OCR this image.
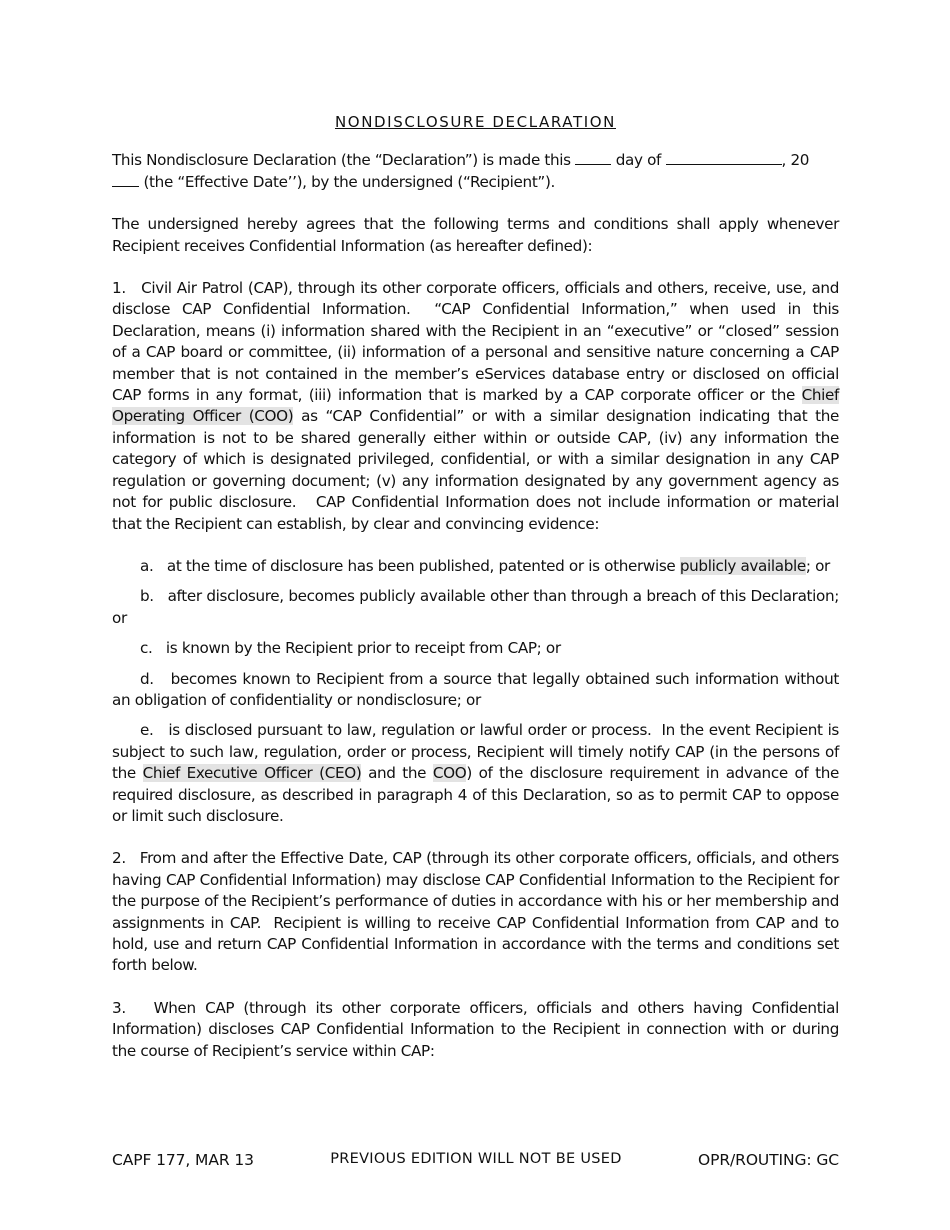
NONDISCLOSURE DECLARATION

This Nondisclosure Declaration (the “Declaration”) is made this	day of	, 20
(the “Effective Date’’), by the undersigned (“Recipient”).

The undersigned hereby agrees that the following terms and conditions shall apply whenever Recipient receives Confidential Information (as hereafter defined):

1.   Civil Air Patrol (CAP), through its other corporate officers, officials and others, receive, use, and disclose CAP Confidential Information.  “CAP Confidential Information,” when used in this Declaration, means (i) information shared with the Recipient in an “executive” or “closed” session of a CAP board or committee, (ii) information of a personal and sensitive nature concerning a CAP member that is not contained in the member’s eServices database entry or disclosed on official CAP forms in any format, (iii) information that is marked by a CAP corporate officer or the Chief Operating Officer (COO) as “CAP Confidential” or with a similar designation indicating that the information is not to be shared generally either within or outside CAP, (iv) any information the category of which is designated privileged, confidential, or with a similar designation in any CAP regulation or governing document; (v) any information designated by any government agency as not for public disclosure.   CAP Confidential Information does not include information or material that the Recipient can establish, by clear and convincing evidence:

a.   at the time of disclosure has been published, patented or is otherwise publicly available; or

b.   after disclosure, becomes publicly available other than through a breach of this Declaration; or

c.   is known by the Recipient prior to receipt from CAP; or

d.   becomes known to Recipient from a source that legally obtained such information without an obligation of confidentiality or nondisclosure; or

e.   is disclosed pursuant to law, regulation or lawful order or process.  In the event Recipient is subject to such law, regulation, order or process, Recipient will timely notify CAP (in the persons of the Chief Executive Officer (CEO) and the COO) of the disclosure requirement in advance of the required disclosure, as described in paragraph 4 of this Declaration, so as to permit CAP to oppose or limit such disclosure.

2.   From and after the Effective Date, CAP (through its other corporate officers, officials, and others having CAP Confidential Information) may disclose CAP Confidential Information to the Recipient for the purpose of the Recipient’s performance of duties in accordance with his or her membership and assignments in CAP.  Recipient is willing to receive CAP Confidential Information from CAP and to hold, use and return CAP Confidential Information in accordance with the terms and conditions set forth below.

3.   When CAP (through its other corporate officers, officials and others having Confidential Information) discloses CAP Confidential Information to the Recipient in connection with or during the course of Recipient’s service within CAP:

CAPF 177, MAR 13	PREVIOUS EDITION WILL NOT BE USED	OPR/ROUTING: GC
